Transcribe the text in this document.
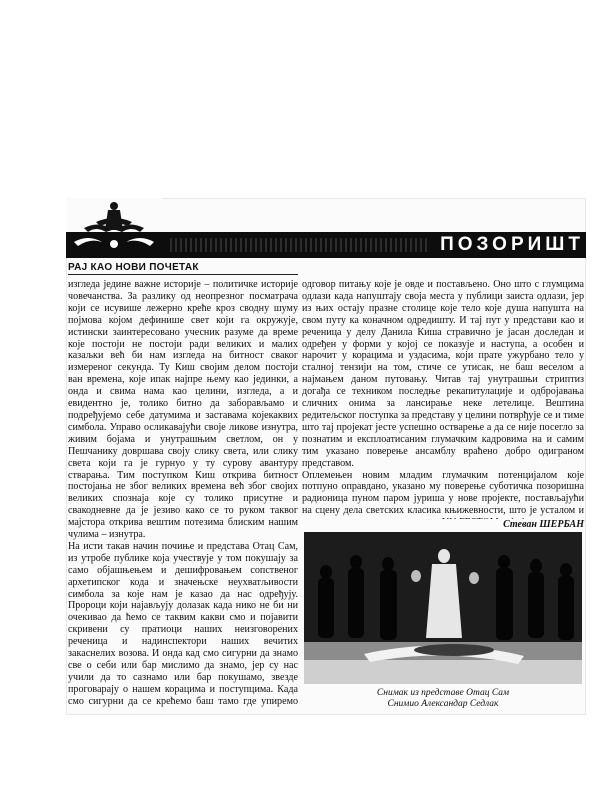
ПОЗОРИШТ
РАЈ КАО НОВИ ПОЧЕТАК

изгледа једине важне историје – политичке историје човечанства. За разлику од неопрезног посматрача који се исувише лежерно креће кроз сводну шуму појмова којом дефинише свет који га окружује, истински заинтересовано учесник разуме да време које постоји не постоји ради великих и малих казаљки већ би нам изгледа на битност сваког измереног секунда. Ту Киш својим делом постоји ван времена, које ипак најпре њему као јединки, а онда и свима нама као целини, изгледа, а и евидентно је, толико битно да заборављамо и подређујемо себе датумима и заставама којекаквих симбола. Управо осликавајући своје ликове изнутра, живим бојама и унутрашњим светлом, он у Пешчанику довршава своју слику света, или слику света који га је гурнуо у ту сурову авантуру стварања. Тим поступком Киш открива битност постојања не због великих времена већ због својих великих спознаја које су толико присутне и свакодневне да је језиво како се то руком таквог мајстора открива вештим потезима блиским нашим чулима – изнутра.

На исти такав начин почиње и представа Отац Сам, из утробе публике која учествује у том покушају за само објашњењем и дешифровањем сопственог архетипског кода и значењске неухватљивости симбола за које нам је казао да нас одређују. Пророци који најављују долазак када нико не би ни очекивао да ћемо се таквим какви смо и појавити скривени су пратиоци наших неизговорених реченица и надинспектори наших вечитих закаснелих возова. И онда кад смо сигурни да знамо све о себи или бар мислимо да знамо, јер су нас учили да то сазнамо или бар покушамо, звезде проговарају о нашем корацима и поступцима. Када смо сигурни да се крећемо баш тамо где упиремо

одговор питању које је овде и постављено. Оно што с глумцима одлази када напуштају своја места у публици заиста одлази, јер из њих остају празне столице које тело које душа напушта на свом путу ка коначном одредишту. И тај пут у представи као и реченица у делу Данила Киша стравично је јасан доследан и одређен у форми у којој се показује и наступа, а особен и нарочит у корацима и уздасима, који прате ужурбано тело у сталној тензији на том, стиче се утисак, не баш веселом а најмањем даном путовању. Читав тај унутрашњи стриптиз догађа се техником последње рекапитулације и одбројавања сличних онима за лансирање неке летелице. Вештина редитељског поступка за представу у целини потврђује се и тиме што тај пројекат јесте успешно остварење а да се није посегло за познатим и експлоатисаним глумачким кадровима на и самим тим указано поверење ансамблу враћено добро одиграном представом.

Оплемењен новим младим глумачким потенцијалом које потпуно оправдано, указано му поверење суботичка позоришна радионица пуном паром јуриша у нове пројекте, постављајући на сцену дела светских класика књижевности, што је усталом и

Стеван ШЕРБАН
Снимак из представе Отац Сам
Снимио Александар Седлак
